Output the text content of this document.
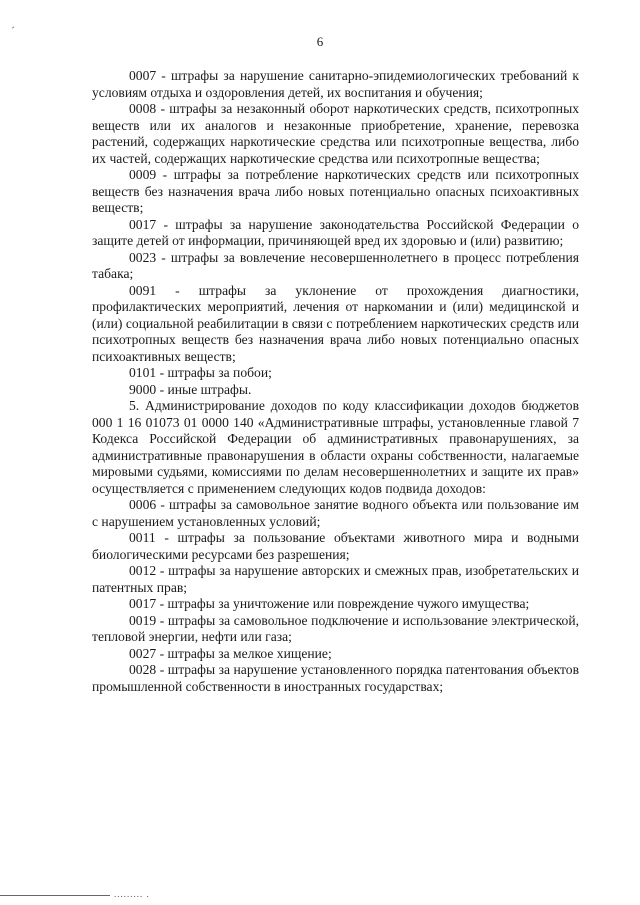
´
6

0007 - штрафы за нарушение санитарно-эпидемиологических требований к условиям отдыха и оздоровления детей, их воспитания и обучения;

0008 - штрафы за незаконный оборот наркотических средств, психотропных веществ или их аналогов и незаконные приобретение, хранение, перевозка растений, содержащих наркотические средства или психотропные вещества, либо их частей, содержащих наркотические средства или психотропные вещества;

0009 - штрафы за потребление наркотических средств или психотропных веществ без назначения врача либо новых потенциально опасных психоактивных веществ;

0017 - штрафы за нарушение законодательства Российской Федерации о защите детей от информации, причиняющей вред их здоровью и (или) развитию;

0023 - штрафы за вовлечение несовершеннолетнего в процесс потребления табака;

0091 - штрафы за уклонение от прохождения диагностики, профилактических мероприятий, лечения от наркомании и (или) медицинской и (или) социальной реабилитации в связи с потреблением наркотических средств или психотропных веществ без назначения врача либо новых потенциально опасных психоактивных веществ;

0101 - штрафы за побои;

9000 - иные штрафы.

5. Администрирование доходов по коду классификации доходов бюджетов 000 1 16 01073 01 0000 140 «Административные штрафы, установленные главой 7 Кодекса Российской Федерации об административных правонарушениях, за административные правонарушения в области охраны собственности, налагаемые мировыми судьями, комиссиями по делам несовершеннолетних и защите их прав» осуществляется с применением следующих кодов подвида доходов:

0006 - штрафы за самовольное занятие водного объекта или пользование им с нарушением установленных условий;

0011 - штрафы за пользование объектами животного мира и водными биологическими ресурсами без разрешения;

0012 - штрафы за нарушение авторских и смежных прав, изобретательских и патентных прав;

0017 - штрафы за уничтожение или повреждение чужого имущества;

0019 - штрафы за самовольное подключение и использование электрической, тепловой энергии, нефти или газа;

0027 - штрафы за мелкое хищение;

0028 - штрафы за нарушение установленного порядка патентования объектов промышленной собственности в иностранных государствах;

......... .
